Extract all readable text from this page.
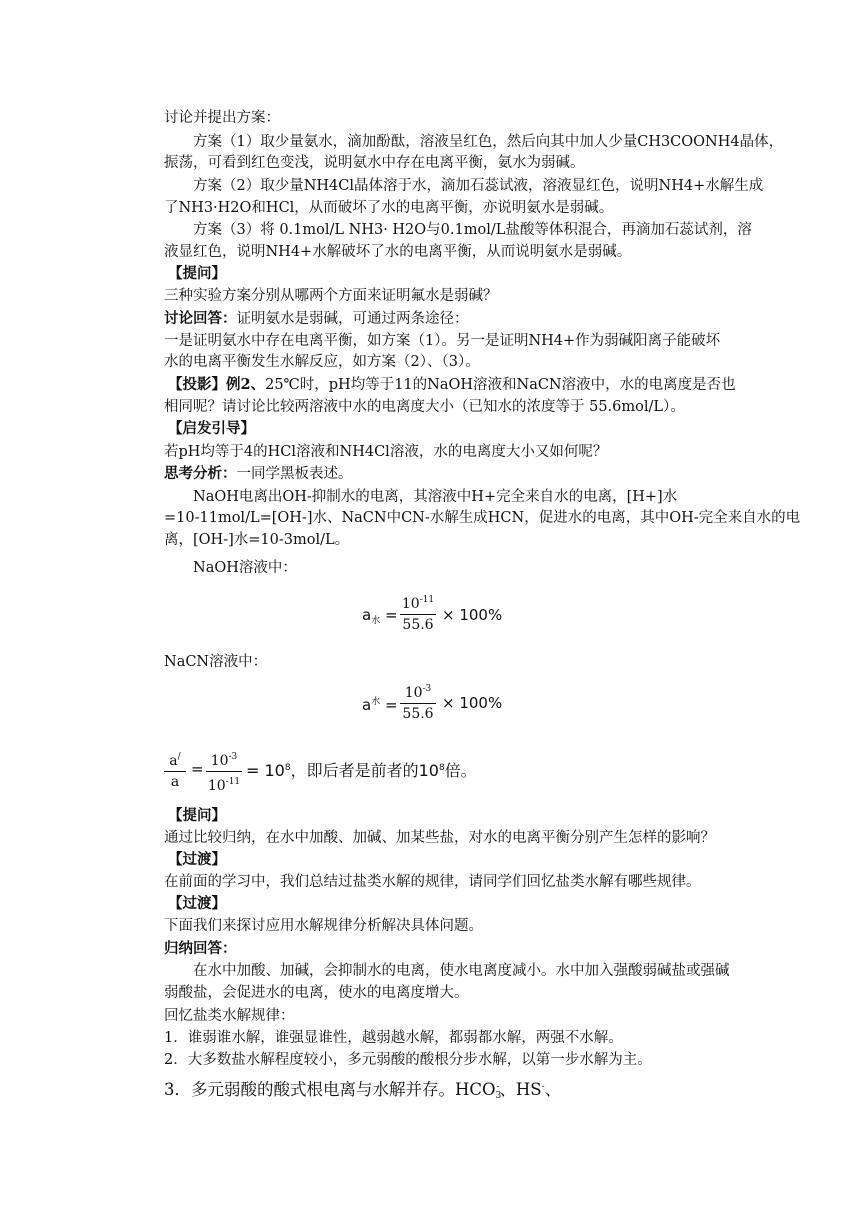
讨论并提出方案：
方案（1）取少量氨水，滴加酚酞，溶液呈红色，然后向其中加人少量CH3COONH4晶体，
振荡，可看到红色变浅，说明氨水中存在电离平衡，氨水为弱碱。
方案（2）取少量NH4Cl晶体溶于水，滴加石蕊试液，溶液显红色，说明NH4+水解生成
了NH3·H2O和HCl，从而破坏了水的电离平衡，亦说明氨水是弱碱。
方案（3）将 0.1mol/L NH3· H2O与0.1mol/L盐酸等体积混合，再滴加石蕊试剂，溶
液显红色，说明NH4+水解破坏了水的电离平衡，从而说明氨水是弱碱。
【提问】
三种实验方案分别从哪两个方面来证明氟水是弱碱？
讨论回答：证明氨水是弱碱，可通过两条途径：
一是证明氨水中存在电离平衡，如方案（1）。另一是证明NH4+作为弱碱阳离子能破坏
水的电离平衡发生水解反应，如方案（2）、（3）。
【投影】例2、25℃时，pH均等于11的NaOH溶液和NaCN溶液中，水的电离度是否也
相同呢？请讨论比较两溶液中水的电离度大小（已知水的浓度等于 55.6mol/L）。
【启发引导】
若pH均等于4的HCl溶液和NH4Cl溶液，水的电离度大小又如何呢？
思考分析：一同学黑板表述。
NaOH电离出OH-抑制水的电离，其溶液中H+完全来自水的电离，[H+]水
=10-11mol/L=[OH-]水、NaCN中CN-水解生成HCN，促进水的电离，其中OH-完全来自水的电
离，[OH-]水=10-3mol/L。
NaOH溶液中：
$a_水$ =
$10^{-11}$
55.6
× 100%
NaCN溶液中：
$a^水$ =
$10^{-3}$
55.6
× 100%
a/
a
= $10^{-3}$
$10^{-11}$
= $10^8$，即后者是前者的$10^8$倍。
【提问】
通过比较归纳，在水中加酸、加碱、加某些盐，对水的电离平衡分别产生怎样的影响？
【过渡】
在前面的学习中，我们总结过盐类水解的规律，请同学们回忆盐类水解有哪些规律。
【过渡】
下面我们来探讨应用水解规律分析解决具体问题。
归纳回答：
在水中加酸、加碱，会抑制水的电离，使水电离度减小。水中加入强酸弱碱盐或强碱
弱酸盐，会促进水的电离，使水的电离度增大。
回忆盐类水解规律：
1．谁弱谁水解，谁强显谁性，越弱越水解，都弱都水解，两强不水解。
2．大多数盐水解程度较小，多元弱酸的酸根分步水解，以第一步水解为主。
3．多元弱酸的酸式根电离与水解并存。$HCO_3^-$、HS-、
